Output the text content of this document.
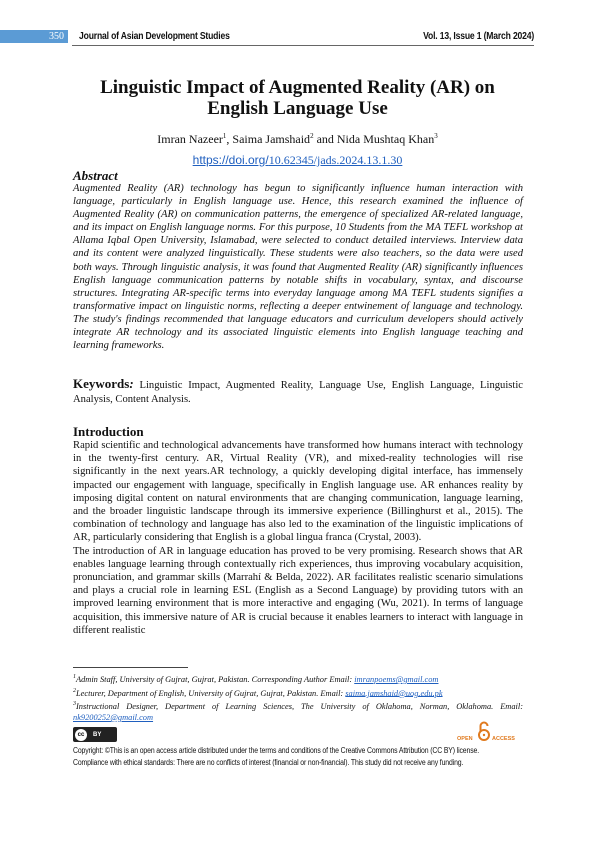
350	Journal of Asian Development Studies	Vol. 13, Issue 1 (March 2024)
Linguistic Impact of Augmented Reality (AR) on
English Language Use
Imran Nazeer$^1$, Saima Jamshaid$^2$ and Nida Mushtaq Khan$^3$
https://doi.org/10.62345/jads.2024.13.1.30
Abstract

Augmented Reality (AR) technology has begun to significantly influence human interaction with language, particularly in English language use. Hence, this research examined the influence of Augmented Reality (AR) on communication patterns, the emergence of specialized AR-related language, and its impact on English language norms. For this purpose, 10 Students from the MA TEFL workshop at Allama Iqbal Open University, Islamabad, were selected to conduct detailed interviews. Interview data and its content were analyzed linguistically. These students were also teachers, so the data were used both ways. Through linguistic analysis, it was found that Augmented Reality (AR) significantly influences English language communication patterns by notable shifts in vocabulary, syntax, and discourse structures. Integrating AR-specific terms into everyday language among MA TEFL students signifies a transformative impact on linguistic norms, reflecting a deeper entwinement of language and technology. The study's findings recommended that language educators and curriculum developers should actively integrate AR technology and its associated linguistic elements into English language teaching and learning frameworks.

Keywords: Linguistic Impact, Augmented Reality, Language Use, English Language, Linguistic Analysis, Content Analysis.

Introduction

Rapid scientific and technological advancements have transformed how humans interact with technology in the twenty-first century. AR, Virtual Reality (VR), and mixed-reality technologies will rise significantly in the next years.AR technology, a quickly developing digital interface, has immensely impacted our engagement with language, specifically in English language use. AR enhances reality by imposing digital content on natural environments that are changing communication, language learning, and the broader linguistic landscape through its immersive experience (Billinghurst et al., 2015). The combination of technology and language has also led to the examination of the linguistic implications of AR, particularly considering that English is a global lingua franca (Crystal, 2003).

The introduction of AR in language education has proved to be very promising. Research shows that AR enables language learning through contextually rich experiences, thus improving vocabulary acquisition, pronunciation, and grammar skills (Marrahí & Belda, 2022). AR facilitates realistic scenario simulations and plays a crucial role in learning ESL (English as a Second Language) by providing tutors with an improved learning environment that is more interactive and engaging (Wu, 2021). In terms of language acquisition, this immersive nature of AR is crucial because it enables learners to interact with language in different realistic

$^1$Admin Staff, University of Gujrat, Gujrat, Pakistan. Corresponding Author Email: imranpoems@gmail.com

$^2$Lecturer, Department of English, University of Gujrat, Gujrat, Pakistan. Email: saima.jamshaid@uog.edu.pk

$^3$Instructional Designer, Department of Learning Sciences, The University of Oklahoma, Norman, Oklahoma. Email: nk9200252@gmail.com

cc	BY
OPEN	ACCESS

Copyright: ©This is an open access article distributed under the terms and conditions of the Creative Commons Attribution (CC BY) license.

Compliance with ethical standards: There are no conflicts of interest (financial or non-financial). This study did not receive any funding.
